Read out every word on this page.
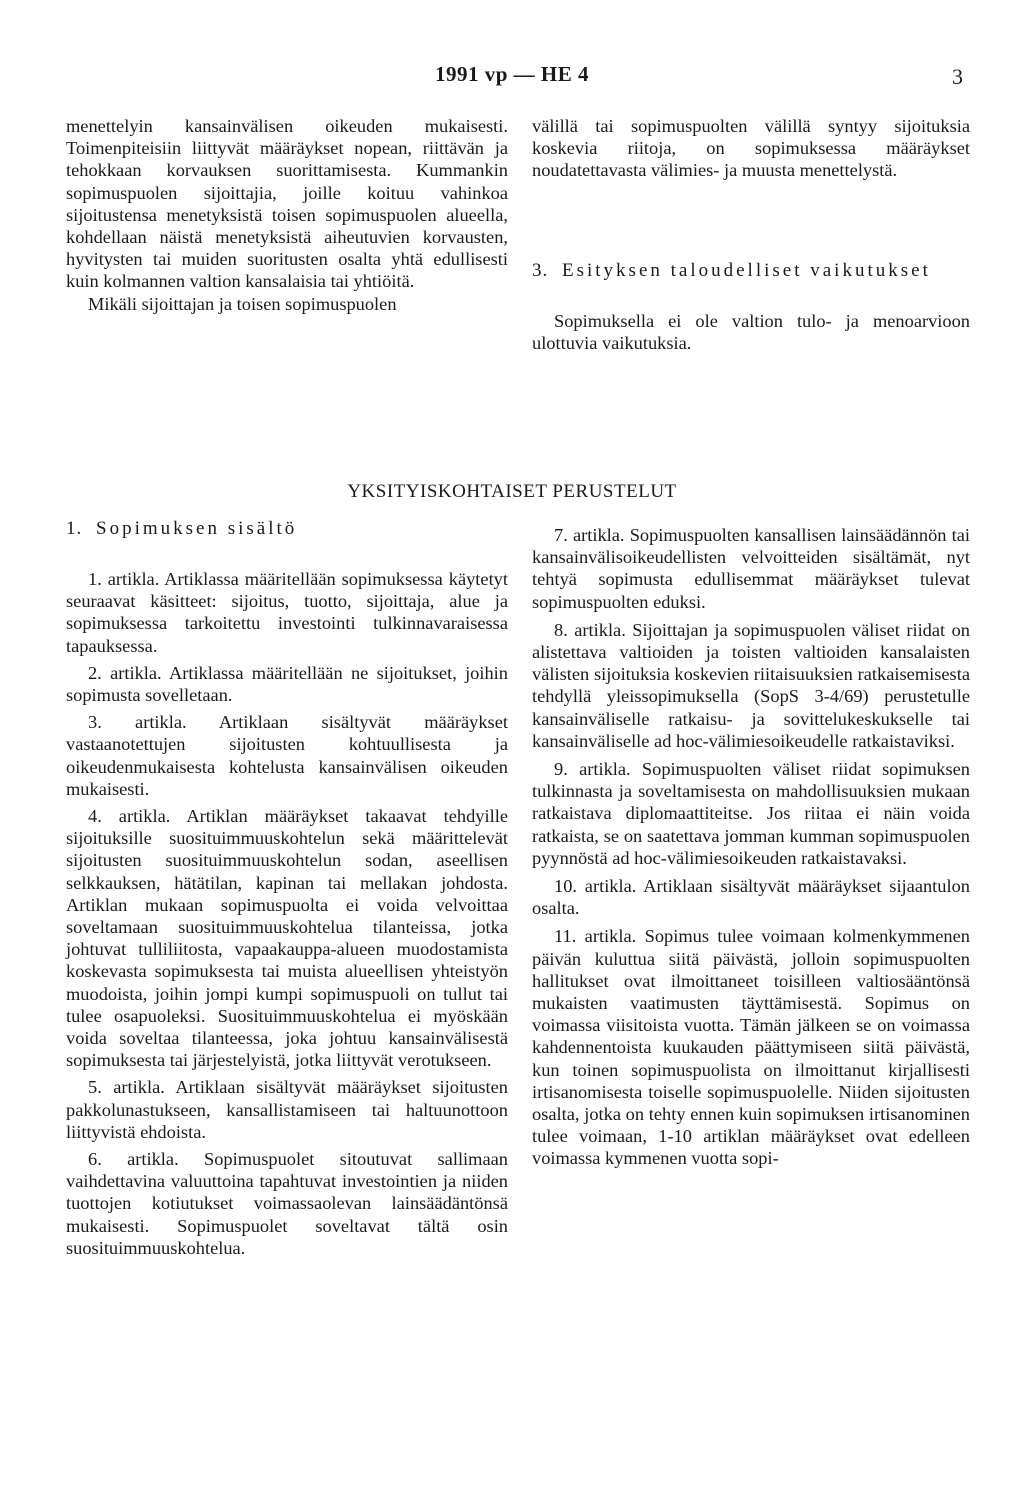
1991 vp — HE 4	3

menettelyin kansainvälisen oikeuden mukaisesti. Toimenpiteisiin liittyvät määräykset nopean, riittävän ja tehokkaan korvauksen suorittamisesta. Kummankin sopimuspuolen sijoittajia, joille koituu vahinkoa sijoitustensa menetyksistä toisen sopimuspuolen alueella, kohdellaan näistä menetyksistä aiheutuvien korvausten, hyvitysten tai muiden suoritusten osalta yhtä edullisesti kuin kolmannen valtion kansalaisia tai yhtiöitä.

Mikäli sijoittajan ja toisen sopimuspuolen

välillä tai sopimuspuolten välillä syntyy sijoituksia koskevia riitoja, on sopimuksessa määräykset noudatettavasta välimies- ja muusta menettelystä.

3. Esityksen taloudelliset vaikutukset

Sopimuksella ei ole valtion tulo- ja menoarvioon ulottuvia vaikutuksia.

YKSITYISKOHTAISET PERUSTELUT
1. Sopimuksen sisältö

1. artikla. Artiklassa määritellään sopimuksessa käytetyt seuraavat käsitteet: sijoitus, tuotto, sijoittaja, alue ja sopimuksessa tarkoitettu investointi tulkinnavaraisessa tapauksessa.

2. artikla. Artiklassa määritellään ne sijoitukset, joihin sopimusta sovelletaan.

3. artikla. Artiklaan sisältyvät määräykset vastaanotettujen sijoitusten kohtuullisesta ja oikeudenmukaisesta kohtelusta kansainvälisen oikeuden mukaisesti.

4. artikla. Artiklan määräykset takaavat tehdyille sijoituksille suosituimmuuskohtelun sekä määrittelevät sijoitusten suosituimmuuskohtelun sodan, aseellisen selkkauksen, hätätilan, kapinan tai mellakan johdosta. Artiklan mukaan sopimuspuolta ei voida velvoittaa soveltamaan suosituimmuuskohtelua tilanteissa, jotka johtuvat tulliliitosta, vapaakauppa-alueen muodostamista koskevasta sopimuksesta tai muista alueellisen yhteistyön muodoista, joihin jompi kumpi sopimuspuoli on tullut tai tulee osapuoleksi. Suosituimmuuskohtelua ei myöskään voida soveltaa tilanteessa, joka johtuu kansainvälisestä sopimuksesta tai järjestelyistä, jotka liittyvät verotukseen.

5. artikla. Artiklaan sisältyvät määräykset sijoitusten pakkolunastukseen, kansallistamiseen tai haltuunottoon liittyvistä ehdoista.

6. artikla. Sopimuspuolet sitoutuvat sallimaan vaihdettavina valuuttoina tapahtuvat investointien ja niiden tuottojen kotiutukset voimassaolevan lainsäädäntönsä mukaisesti. Sopimuspuolet soveltavat tältä osin suosituimmuuskohtelua.

7. artikla. Sopimuspuolten kansallisen lainsäädännön tai kansainvälisoikeudellisten velvoitteiden sisältämät, nyt tehtyä sopimusta edullisemmat määräykset tulevat sopimuspuolten eduksi.

8. artikla. Sijoittajan ja sopimuspuolen väliset riidat on alistettava valtioiden ja toisten valtioiden kansalaisten välisten sijoituksia koskevien riitaisuuksien ratkaisemisesta tehdyllä yleissopimuksella (SopS 3-4/69) perustetulle kansainväliselle ratkaisu- ja sovittelukeskukselle tai kansainväliselle ad hoc-välimiesoikeudelle ratkaistaviksi.

9. artikla. Sopimuspuolten väliset riidat sopimuksen tulkinnasta ja soveltamisesta on mahdollisuuksien mukaan ratkaistava diplomaattiteitse. Jos riitaa ei näin voida ratkaista, se on saatettava jomman kumman sopimuspuolen pyynnöstä ad hoc-välimiesoikeuden ratkaistavaksi.

10. artikla. Artiklaan sisältyvät määräykset sijaantulon osalta.

11. artikla. Sopimus tulee voimaan kolmenkymmenen päivän kuluttua siitä päivästä, jolloin sopimuspuolten hallitukset ovat ilmoittaneet toisilleen valtiosääntönsä mukaisten vaatimusten täyttämisestä. Sopimus on voimassa viisitoista vuotta. Tämän jälkeen se on voimassa kahdennentoista kuukauden päättymiseen siitä päivästä, kun toinen sopimuspuolista on ilmoittanut kirjallisesti irtisanomisesta toiselle sopimuspuolelle. Niiden sijoitusten osalta, jotka on tehty ennen kuin sopimuksen irtisanominen tulee voimaan, 1-10 artiklan määräykset ovat edelleen voimassa kymmenen vuotta sopi-
